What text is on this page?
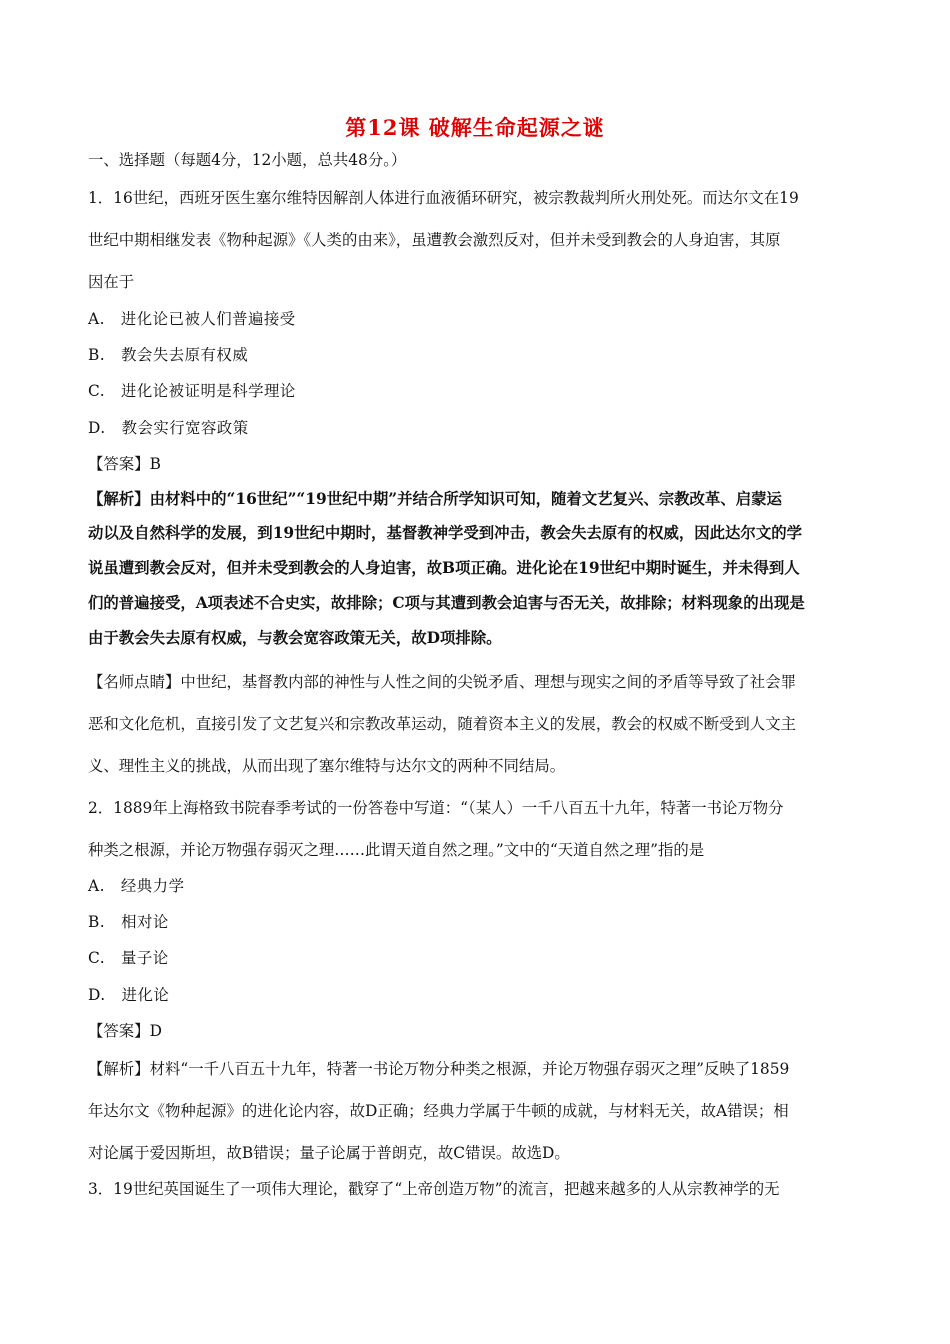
第12课 破解生命起源之谜
一、选择题（每题4分，12小题，总共48分。）
1．16世纪，西班牙医生塞尔维特因解剖人体进行血液循环研究，被宗教裁判所火刑处死。而达尔文在19
世纪中期相继发表《物种起源》《人类的由来》，虽遭教会激烈反对，但并未受到教会的人身迫害，其原
因在于
A.　进化论已被人们普遍接受
B.　教会失去原有权威
C.　进化论被证明是科学理论
D.　教会实行宽容政策
【答案】B
【解析】由材料中的“16世纪”“19世纪中期”并结合所学知识可知，随着文艺复兴、宗教改革、启蒙运
动以及自然科学的发展，到19世纪中期时，基督教神学受到冲击，教会失去原有的权威，因此达尔文的学
说虽遭到教会反对，但并未受到教会的人身迫害，故B项正确。进化论在19世纪中期时诞生，并未得到人
们的普遍接受，A项表述不合史实，故排除；C项与其遭到教会迫害与否无关，故排除；材料现象的出现是
由于教会失去原有权威，与教会宽容政策无关，故D项排除。
【名师点睛】中世纪，基督教内部的神性与人性之间的尖锐矛盾、理想与现实之间的矛盾等导致了社会罪
恶和文化危机，直接引发了文艺复兴和宗教改革运动，随着资本主义的发展，教会的权威不断受到人文主
义、理性主义的挑战，从而出现了塞尔维特与达尔文的两种不同结局。
2．1889年上海格致书院春季考试的一份答卷中写道：“（某人）一千八百五十九年，特著一书论万物分
种类之根源，并论万物强存弱灭之理……此谓天道自然之理。”文中的“天道自然之理”指的是
A.　经典力学
B.　相对论
C.　量子论
D.　进化论
【答案】D
【解析】材料“一千八百五十九年，特著一书论万物分种类之根源，并论万物强存弱灭之理”反映了1859
年达尔文《物种起源》的进化论内容，故D正确；经典力学属于牛顿的成就，与材料无关，故A错误；相
对论属于爱因斯坦，故B错误；量子论属于普朗克，故C错误。故选D。
3．19世纪英国诞生了一项伟大理论，戳穿了“上帝创造万物”的流言，把越来越多的人从宗教神学的无
